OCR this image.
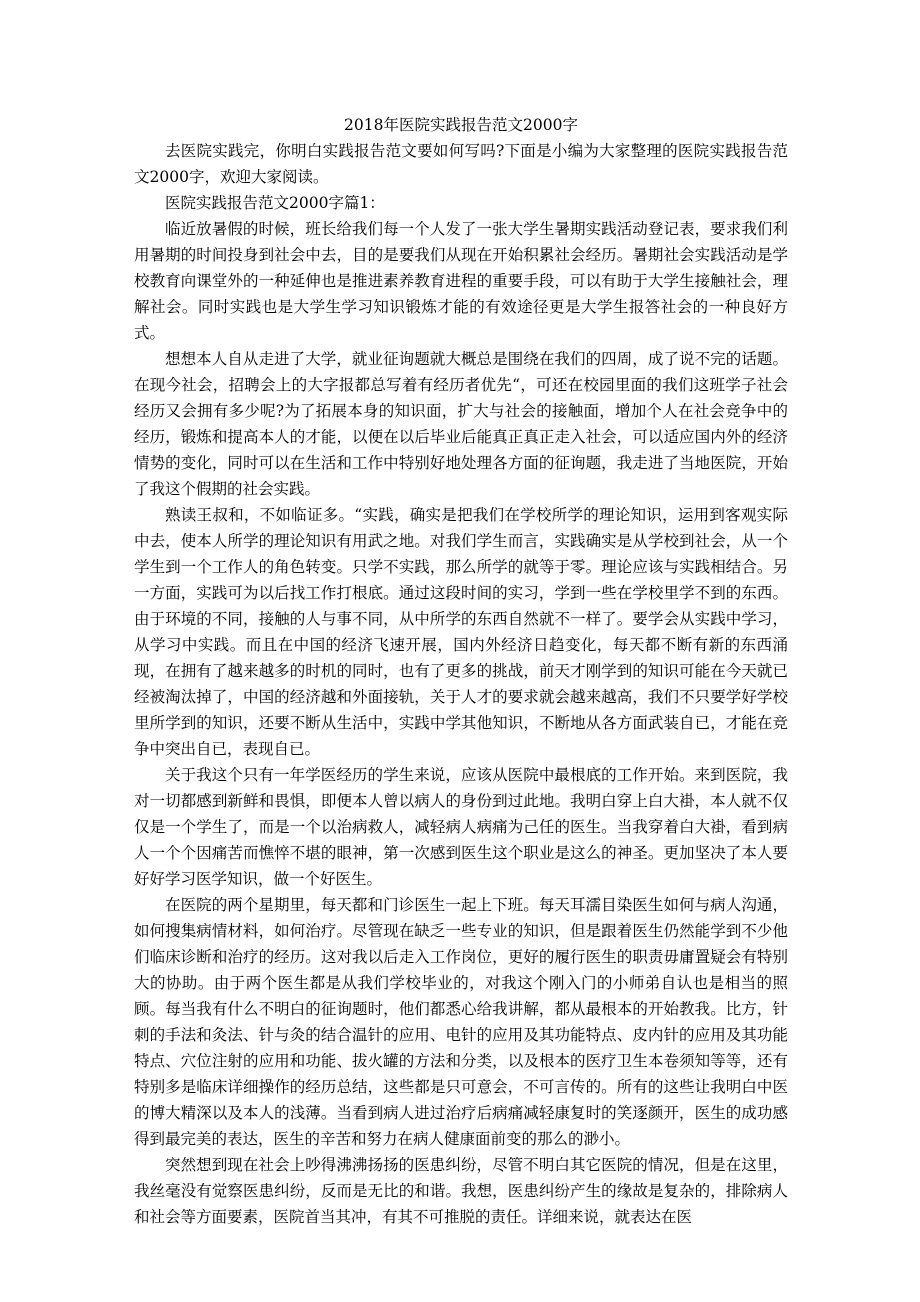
2018年医院实践报告范文2000字

去医院实践完，你明白实践报告范文要如何写吗?下面是小编为大家整理的医院实践报告范文2000字，欢迎大家阅读。

医院实践报告范文2000字篇1：

临近放暑假的时候，班长给我们每一个人发了一张大学生暑期实践活动登记表，要求我们利用暑期的时间投身到社会中去，目的是要我们从现在开始积累社会经历。暑期社会实践活动是学校教育向课堂外的一种延伸也是推进素养教育进程的重要手段，可以有助于大学生接触社会，理解社会。同时实践也是大学生学习知识锻炼才能的有效途径更是大学生报答社会的一种良好方式。

想想本人自从走进了大学，就业征询题就大概总是围绕在我们的四周，成了说不完的话题。在现今社会，招聘会上的大字报都总写着有经历者优先“，可还在校园里面的我们这班学子社会经历又会拥有多少呢?为了拓展本身的知识面，扩大与社会的接触面，增加个人在社会竞争中的经历，锻炼和提高本人的才能，以便在以后毕业后能真正真正走入社会，可以适应国内外的经济情势的变化，同时可以在生活和工作中特别好地处理各方面的征询题，我走进了当地医院，开始了我这个假期的社会实践。

熟读王叔和，不如临证多。“实践，确实是把我们在学校所学的理论知识，运用到客观实际中去，使本人所学的理论知识有用武之地。对我们学生而言，实践确实是从学校到社会，从一个学生到一个工作人的角色转变。只学不实践，那么所学的就等于零。理论应该与实践相结合。另一方面，实践可为以后找工作打根底。通过这段时间的实习，学到一些在学校里学不到的东西。由于环境的不同，接触的人与事不同，从中所学的东西自然就不一样了。要学会从实践中学习，从学习中实践。而且在中国的经济飞速开展，国内外经济日趋变化，每天都不断有新的东西涌现，在拥有了越来越多的时机的同时，也有了更多的挑战，前天才刚学到的知识可能在今天就已经被淘汰掉了，中国的经济越和外面接轨，关于人才的要求就会越来越高，我们不只要学好学校里所学到的知识，还要不断从生活中，实践中学其他知识，不断地从各方面武装自已，才能在竞争中突出自已，表现自已。

关于我这个只有一年学医经历的学生来说，应该从医院中最根底的工作开始。来到医院，我对一切都感到新鲜和畏惧，即便本人曾以病人的身份到过此地。我明白穿上白大褂，本人就不仅仅是一个学生了，而是一个以治病救人，减轻病人病痛为己任的医生。当我穿着白大褂，看到病人一个个因痛苦而憔悴不堪的眼神，第一次感到医生这个职业是这么的神圣。更加坚决了本人要好好学习医学知识，做一个好医生。

在医院的两个星期里，每天都和门诊医生一起上下班。每天耳濡目染医生如何与病人沟通，如何搜集病情材料，如何治疗。尽管现在缺乏一些专业的知识，但是跟着医生仍然能学到不少他们临床诊断和治疗的经历。这对我以后走入工作岗位，更好的履行医生的职责毋庸置疑会有特别大的协助。由于两个医生都是从我们学校毕业的，对我这个刚入门的小师弟自认也是相当的照顾。每当我有什么不明白的征询题时，他们都悉心给我讲解，都从最根本的开始教我。比方，针刺的手法和灸法、针与灸的结合温针的应用、电针的应用及其功能特点、皮内针的应用及其功能特点、穴位注射的应用和功能、拔火罐的方法和分类，以及根本的医疗卫生本卷须知等等，还有特别多是临床详细操作的经历总结，这些都是只可意会，不可言传的。所有的这些让我明白中医的博大精深以及本人的浅薄。当看到病人进过治疗后病痛减轻康复时的笑逐颜开，医生的成功感得到最完美的表达，医生的辛苦和努力在病人健康面前变的那么的渺小。

突然想到现在社会上吵得沸沸扬扬的医患纠纷，尽管不明白其它医院的情况，但是在这里，我丝毫没有觉察医患纠纷，反而是无比的和谐。我想，医患纠纷产生的缘故是复杂的，排除病人和社会等方面要素，医院首当其冲，有其不可推脱的责任。详细来说，就表达在医
